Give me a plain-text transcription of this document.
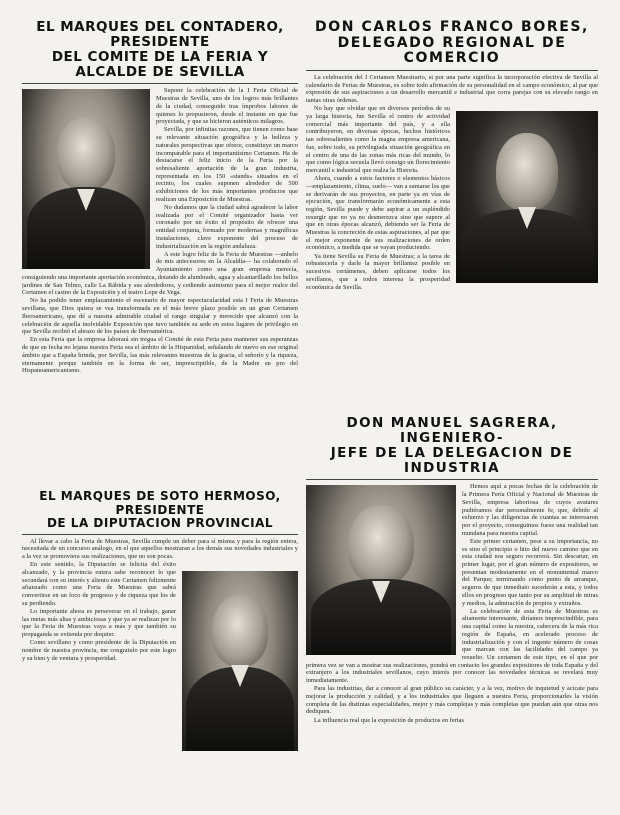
EL MARQUES DEL CONTADERO, PRESIDENTE
DEL COMITE DE LA FERIA Y ALCALDE DE SEVILLA

Supone la celebración de la I Feria Oficial de Muestras de Sevilla, uno de los logros más brillantes de la ciudad, conseguido tras ímprobos labores de quienes lo propusieron, desde el instante en que fue proyectada, y que se hicieron auténticos milagros.

Sevilla, por infinitas razones, que tienen como base su relevante situación geográfica y la belleza y naturales perspectivas que ofrece, constituye un marco incomparable para el importantísimo Certamen. Ha de destacarse el feliz inicio de la Feria por la sobresaliente aportación de la gran industria, representada en los 150 «stands» situados en el recinto, los cuales suponen alrededor de 500 exhibiciones de los más importantes productos que realizan una Exposición de Muestras.

No dudamos que la ciudad sabrá agradecer la labor realizada por el Comité organizador hasta ver coronado por un éxito el propósito de ofrecer una entidad conjunta, formado por modernas y magníficas instalaciones, clave exponente del proceso de industrialización en la región andaluza.

A este logro feliz de la Feria de Muestras —anhelo de mis antecesores en la Alcaldía— ha colaborado el Ayuntamiento como una gran empresa merecía, consiguiendo una importante aportación económica, dotando de alumbrado, agua y alcantarillado los bellos jardines de San Telmo, calle La Rábida y sus alrededores, y cediendo asimismo para el mejor realce del Certamen el casino de la Exposición y el teatro Lope de Vega.

No ha podido tener emplazamiento el escenario de mayor espectacularidad esta I Feria de Muestras sevillana, que Dios quiera se vea transformada en el más breve plazo posible en un gran Certamen Iberoamericano, que dé a nuestra admirable ciudad el rango singular y merecido que alcanzó con la celebración de aquella inolvidable Exposición que tuvo también su sede en estos lugares de privilegio en que Sevilla recibió el abrazo de los países de Iberoamérica.

En esta Feria que la empresa laborará sin tregua el Comité de esta Feria para mantener sus esperanzas de que en fecha no lejana nuestra Feria sea el ámbito de la Hispanidad, señalando de nuevo en ese original ámbito que a España brinda, por Sevilla, las más relevantes muestras de la gracia, el señorío y la riqueza, eternamente porque también en la forma de ser, imprescriptible, de la Madre en pro del Hispanoamericanismo.

EL MARQUES DE SOTO HERMOSO, PRESIDENTE
DE LA DIPUTACION PROVINCIAL

Al llevar a cabo la Feria de Muestras, Sevilla cumple un deber para sí misma y para la región entera, necesitada de un concurso análogo, en el que aquellos mostraran a los demás sus novedades industriales y a la vez se promoviera sus realizaciones, que no son pocas.

En este sentido, la Diputación se felicita del éxito alcanzado, y la provincia entera sabe reconocer lo que secundará con su interés y aliento este Certamen felizmente afianzado como una Feria de Muestras que sabrá convertirse en un foco de progreso y de riqueza que los de su perdiendo.

Lo importante ahora es perseverar en el trabajo, ganar las metas más altas y ambiciosas y que ya se realizan por lo que la Feria de Muestras vaya a más y que también su propaganda se extienda por doquier.

Como sevillano y como presidente de la Diputación en nombre de nuestra provincia, me congratulo por este logro y su bien y de ventura y prosperidad.

DON CARLOS FRANCO BORES,
DELEGADO REGIONAL DE COMERCIO

La celebración del I Certamen Muestrario, si por una parte significa la incorporación efectiva de Sevilla al calendario de Ferias de Muestras, es sobre todo afirmación de su personalidad en el campo económico, al par que expresión de sus aspiraciones a un desarrollo mercantil e industrial que corra parejas con su elevado rango en tantas otras órdenes.

No hay que olvidar que en diversos períodos de su ya larga historia, fue Sevilla el centro de actividad comercial más importante del país, y a ella contribuyeron, en diversas épocas, hechos históricos tan sobresalientes como la magna empresa americana, fue, sobre todo, su privilegiada situación geográfica en el centro de una de las zonas más ricas del mundo, lo que como lógica secuela llevó consigo un florecimiento mercantil e industrial que realza la Historia.

Ahora, cuando a estos factores o elementos básicos —emplazamiento, clima, suelo— van a sumarse los que se derivarán de sus proyectos, en parte ya en vías de ejecución, que transformarán económicamente a esta región, Sevilla puede y debe aspirar a un espléndido resurgir que no ya no desmerezca sino que supere al que en otras épocas alcanzó, debiendo ser la Feria de Muestras la concreción de estas aspiraciones, al par que el mejor exponente de sus realizaciones de orden económico, a medida que se vayan produciendo.

Ya tiene Sevilla su Feria de Muestras; a la tarea de robustecerla y darle la mayor brillantez posible en sucesivos certámenes, deben aplicarse todos los sevillanos, que a todos interesa la prosperidad económica de Sevilla.

DON MANUEL SAGRERA, INGENIERO-
JEFE DE LA DELEGACION DE
INDUSTRIA

Hemos aquí a pocas fechas de la celebración de la Primera Feria Oficial y Nacional de Muestras de Sevilla, empresa laboriosa de cuyos avatares pudiéramos dar personalmente fe, que, debido al esfuerzo y las diligencias de cuantas se interesaron por el proyecto, conseguimos fuese una realidad tan mundana para nuestra capital.

Este primer certamen, pese a su importancia, no es sino el principio o hito del nuevo camino que en esta ciudad nos seguro recorrerá. Sin descartar, en primer lugar, por el gran número de expositores, se presentan modestamente en el monumental marco del Parque; terminando como punto de arranque, seguros de que inmediato sucederán a esta, y todos ellos en progreso que tanto por su amplitud de miras y medios, la admiración de propios y extraños.

La celebración de esta Feria de Muestras es altamente interesante, diríamos imprescindible, para una capital como la nuestra, cabecera de la más rica región de España, en acelerado proceso de industrialización y con el ingente número de cosas que marcan con las facilidades del campo ya resuelto. Un certamen de este tipo, en el que por primera vez se van a mostrar sus realizaciones, pondrá en contacto los grandes expositores de toda España y del extranjero a los industriales sevillanos, cuyo interés por conocer las novedades técnicas se revelará muy inmediatamente.

Para las industrias, dar a conocer al gran público su carácter, y a la vez, motivo de inquietud y acicate para mejorar la producción y calidad, y a los industriales que lleguen a nuestra Feria, proporcionarles la visión completa de las distintas especialidades, mejor y más complejas y más completas que puedan aún que otras nos dediquen.

La influencia real que la exposición de productos en ferias
